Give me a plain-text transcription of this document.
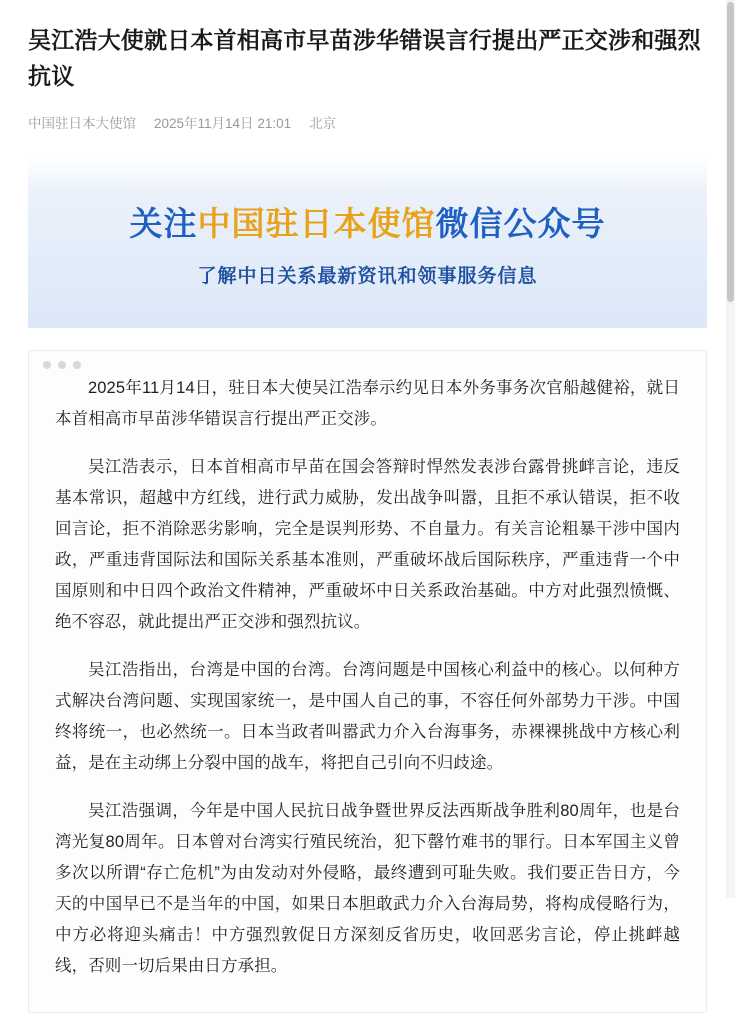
吴江浩大使就日本首相高市早苗涉华错误言行提出严正交涉和强烈抗议
中国驻日本大使馆 2025年11月14日 21:01 北京
关注中国驻日本使馆微信公众号
了解中日关系最新资讯和领事服务信息

2025年11月14日，驻日本大使吴江浩奉示约见日本外务事务次官船越健裕，就日本首相高市早苗涉华错误言行提出严正交涉。

吴江浩表示，日本首相高市早苗在国会答辩时悍然发表涉台露骨挑衅言论，违反基本常识，超越中方红线，进行武力威胁，发出战争叫嚣，且拒不承认错误，拒不收回言论，拒不消除恶劣影响，完全是误判形势、不自量力。有关言论粗暴干涉中国内政，严重违背国际法和国际关系基本准则，严重破坏战后国际秩序，严重违背一个中国原则和中日四个政治文件精神，严重破坏中日关系政治基础。中方对此强烈愤慨、绝不容忍，就此提出严正交涉和强烈抗议。

吴江浩指出，台湾是中国的台湾。台湾问题是中国核心利益中的核心。以何种方式解决台湾问题、实现国家统一，是中国人自己的事，不容任何外部势力干涉。中国终将统一，也必然统一。日本当政者叫嚣武力介入台海事务，赤裸裸挑战中方核心利益，是在主动绑上分裂中国的战车，将把自己引向不归歧途。

吴江浩强调，今年是中国人民抗日战争暨世界反法西斯战争胜利80周年，也是台湾光复80周年。日本曾对台湾实行殖民统治，犯下罄竹难书的罪行。日本军国主义曾多次以所谓“存亡危机”为由发动对外侵略，最终遭到可耻失败。我们要正告日方，今天的中国早已不是当年的中国，如果日本胆敢武力介入台海局势，将构成侵略行为，中方必将迎头痛击！中方强烈敦促日方深刻反省历史，收回恶劣言论，停止挑衅越线，否则一切后果由日方承担。
